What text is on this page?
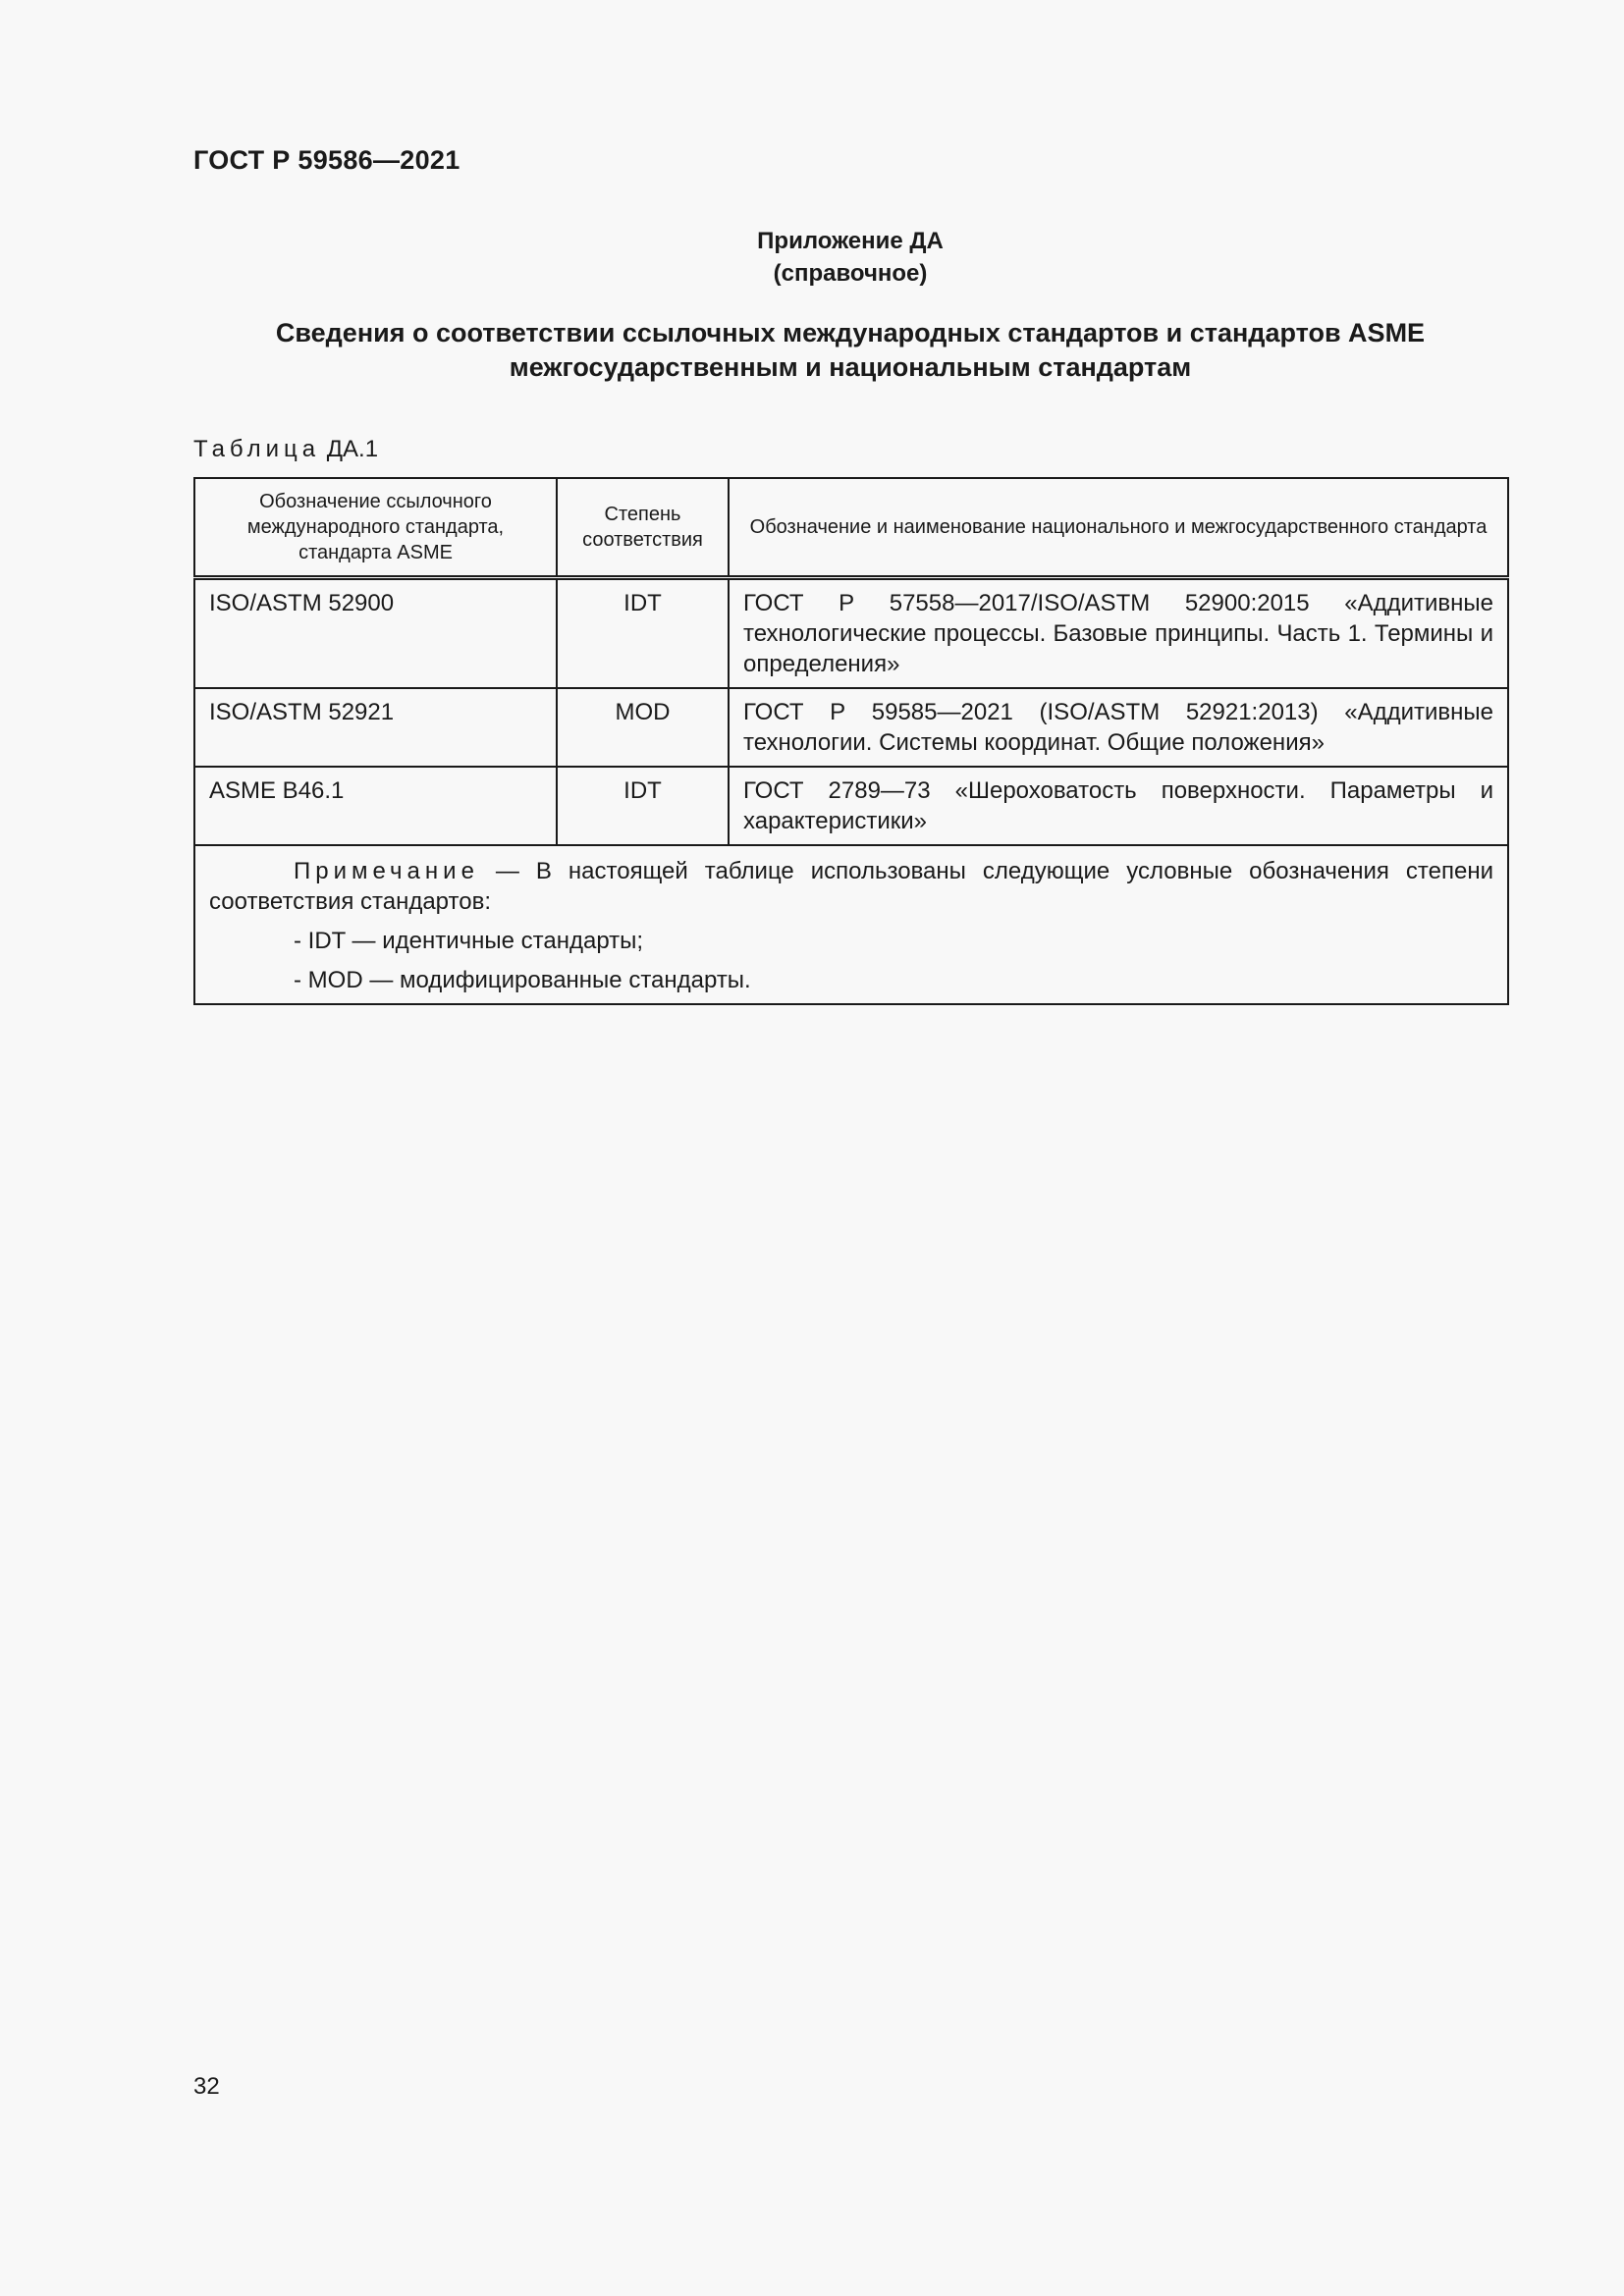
ГОСТ Р 59586—2021
Приложение ДА
(справочное)
Сведения о соответствии ссылочных международных стандартов и стандартов ASME
межгосударственным и национальным стандартам
Таблица ДА.1
Обозначение ссылочного международного стандарта, стандарта ASME	Степень соответствия	Обозначение и наименование национального и межгосударственного стандарта
ISO/ASTM 52900	IDT	ГОСТ Р 57558—2017/ISO/ASTM 52900:2015 «Аддитивные технологические процессы. Базовые принципы. Часть 1. Термины и определения»
ISO/ASTM 52921	MOD	ГОСТ Р 59585—2021 (ISO/ASTM 52921:2013) «Аддитивные технологии. Системы координат. Общие положения»
ASME B46.1	IDT	ГОСТ 2789—73 «Шероховатость поверхности. Параметры и характеристики»

Примечание — В настоящей таблице использованы следующие условные обозначения степени соответствия стандартов:

- IDT — идентичные стандарты;
- MOD — модифицированные стандарты.		
32
